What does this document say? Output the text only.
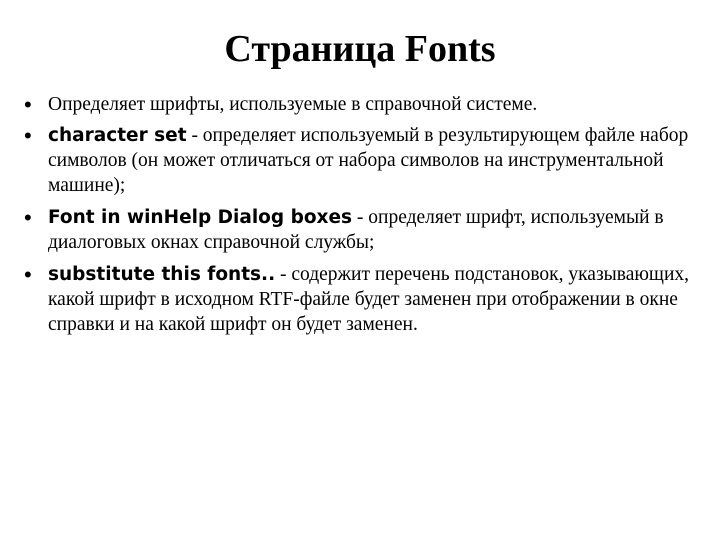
Страница Fonts
• Определяет шрифты, используемые в справочной системе.
• character set - определяет используемый в результирующем файле набор символов (он может отличаться от набора символов на инструментальной машине);
• Font in winHelp Dialog boxes - определяет шрифт, используемый в диалоговых окнах справочной службы;
• substitute this fonts.. - содержит перечень подстановок, указывающих, какой шрифт в исходном RTF-файле будет заменен при отображении в окне справки и на какой шрифт он будет заменен.
